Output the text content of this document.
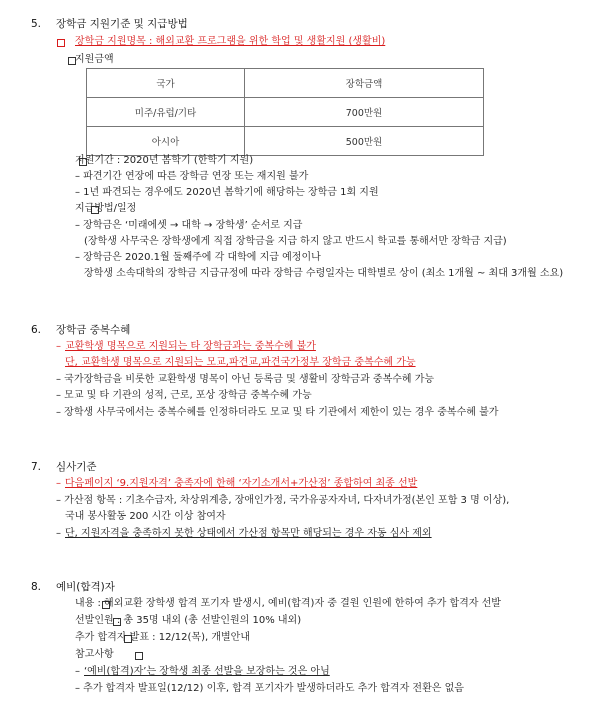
5. 장학금 지원기준 및 지급방법

장학금 지원명목 : 해외교환 프로그램을 위한 학업 및 생활지원 (생활비)

지원금액
국가	장학금액
미주/유럽/기타	700만원
아시아	500만원

지원기간 : 2020년 봄학기 (한학기 지원)
– 파견기간 연장에 따른 장학금 연장 또는 재지원 불가
– 1년 파견되는 경우에도 2020년 봄학기에 해당하는 장학금 1회 지원

지급방법/일정
– 장학금은 ‘미래에셋 → 대학 → 장학생’ 순서로 지급
(장학생 사무국은 장학생에게 직접 장학금을 지급 하지 않고 반드시 학교를 통해서만 장학금 지급)
– 장학금은 2020.1월 둘째주에 각 대학에 지급 예정이나
장학생 소속대학의 장학금 지급규정에 따라 장학금 수령일자는 대학별로 상이 (최소 1개월 ~ 최대 3개월 소요)
6. 장학금 중복수혜
– 교환학생 명목으로 지원되는 타 장학금과는 중복수혜 불가
단, 교환학생 명목으로 지원되는 모교,파견교,파견국가정부 장학금 중복수혜 가능
– 국가장학금을 비롯한 교환학생 명목이 아닌 등록금 및 생활비 장학금과 중복수혜 가능
– 모교 및 타 기관의 성적, 근로, 포상 장학금 중복수혜 가능
– 장학생 사무국에서는 중복수혜를 인정하더라도 모교 및 타 기관에서 제한이 있는 경우 중복수혜 불가
7. 심사기준
– 다음페이지 ‘9.지원자격’ 충족자에 한해 ‘자기소개서+가산점’ 종합하여 최종 선발
– 가산점 항목 : 기초수급자, 차상위계층, 장애인가정, 국가유공자자녀, 다자녀가정(본인 포함 3 명 이상),
국내 봉사활동 200 시간 이상 참여자
– 단, 지원자격을 충족하지 못한 상태에서 가산점 항목만 해당되는 경우 자동 심사 제외
8. 예비(합격)자

내용 : 해외교환 장학생 합격 포기자 발생시, 예비(합격)자 중 결원 인원에 한하여 추가 합격자 선발

선발인원 : 총 35명 내외 (총 선발인원의 10% 내외)

추가 합격자 발표 : 12/12(목), 개별안내
참고사항
– ‘예비(합격)자’는 장학생 최종 선발을 보장하는 것은 아님
– 추가 합격자 발표일(12/12) 이후, 합격 포기자가 발생하더라도 추가 합격자 전환은 없음
